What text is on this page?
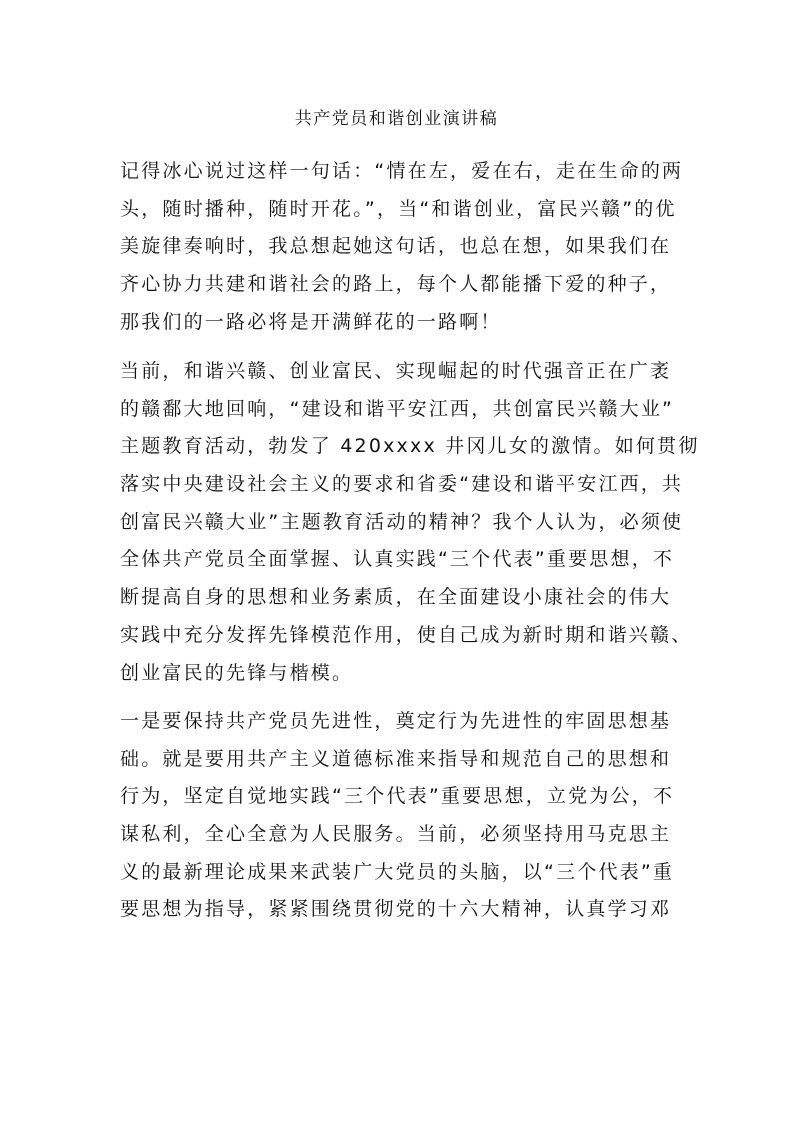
共产党员和谐创业演讲稿
记得冰心说过这样一句话：“情在左，爱在右，走在生命的两
头，随时播种，随时开花。”，当“和谐创业，富民兴赣”的优
美旋律奏响时，我总想起她这句话，也总在想，如果我们在
齐心协力共建和谐社会的路上，每个人都能播下爱的种子，
那我们的一路必将是开满鲜花的一路啊！
当前，和谐兴赣、创业富民、实现崛起的时代强音正在广袤
的赣鄱大地回响，“建设和谐平安江西，共创富民兴赣大业”
主题教育活动，勃发了 420xxxx 井冈儿女的激情。如何贯彻
落实中央建设社会主义的要求和省委“建设和谐平安江西，共
创富民兴赣大业”主题教育活动的精神？我个人认为，必须使
全体共产党员全面掌握、认真实践“三个代表”重要思想，不
断提高自身的思想和业务素质，在全面建设小康社会的伟大
实践中充分发挥先锋模范作用，使自己成为新时期和谐兴赣、
创业富民的先锋与楷模。
一是要保持共产党员先进性，奠定行为先进性的牢固思想基
础。就是要用共产主义道德标准来指导和规范自己的思想和
行为，坚定自觉地实践“三个代表”重要思想，立党为公，不
谋私利，全心全意为人民服务。当前，必须坚持用马克思主
义的最新理论成果来武装广大党员的头脑，以“三个代表”重
要思想为指导，紧紧围绕贯彻党的十六大精神，认真学习邓
